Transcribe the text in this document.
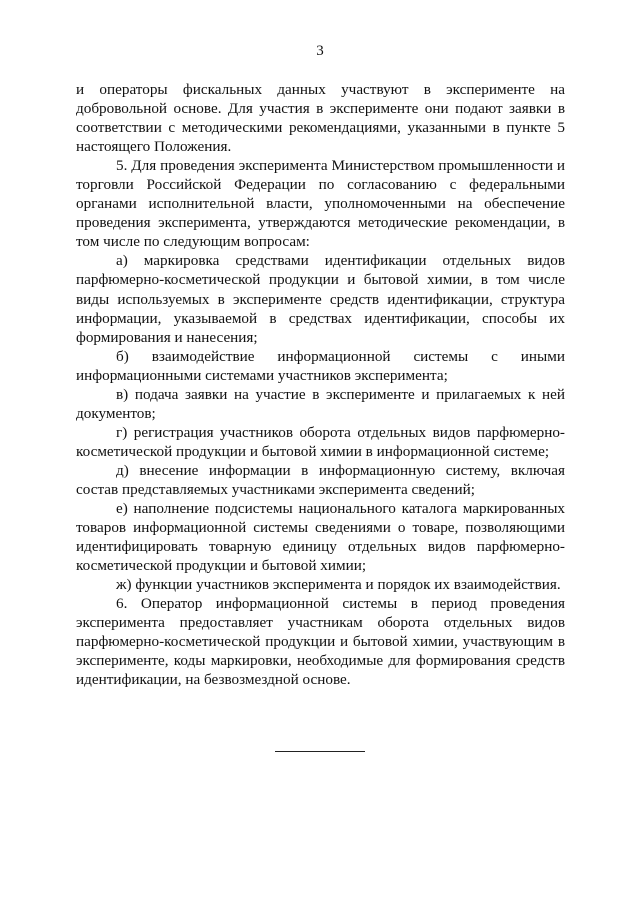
3

и операторы фискальных данных участвуют в эксперименте на добровольной основе. Для участия в эксперименте они подают заявки в соответствии с методическими рекомендациями, указанными в пункте 5 настоящего Положения.

5. Для проведения эксперимента Министерством промышленности и торговли Российской Федерации по согласованию с федеральными органами исполнительной власти, уполномоченными на обеспечение проведения эксперимента, утверждаются методические рекомендации, в том числе по следующим вопросам:

а) маркировка средствами идентификации отдельных видов парфюмерно-косметической продукции и бытовой химии, в том числе виды используемых в эксперименте средств идентификации, структура информации, указываемой в средствах идентификации, способы их формирования и нанесения;

б) взаимодействие информационной системы с иными информационными системами участников эксперимента;

в) подача заявки на участие в эксперименте и прилагаемых к ней документов;

г) регистрация участников оборота отдельных видов парфюмерно-косметической продукции и бытовой химии в информационной системе;

д) внесение информации в информационную систему, включая состав представляемых участниками эксперимента сведений;

е) наполнение подсистемы национального каталога маркированных товаров информационной системы сведениями о товаре, позволяющими идентифицировать товарную единицу отдельных видов парфюмерно-косметической продукции и бытовой химии;

ж) функции участников эксперимента и порядок их взаимодействия.

6. Оператор информационной системы в период проведения эксперимента предоставляет участникам оборота отдельных видов парфюмерно-косметической продукции и бытовой химии, участвующим в эксперименте, коды маркировки, необходимые для формирования средств идентификации, на безвозмездной основе.
